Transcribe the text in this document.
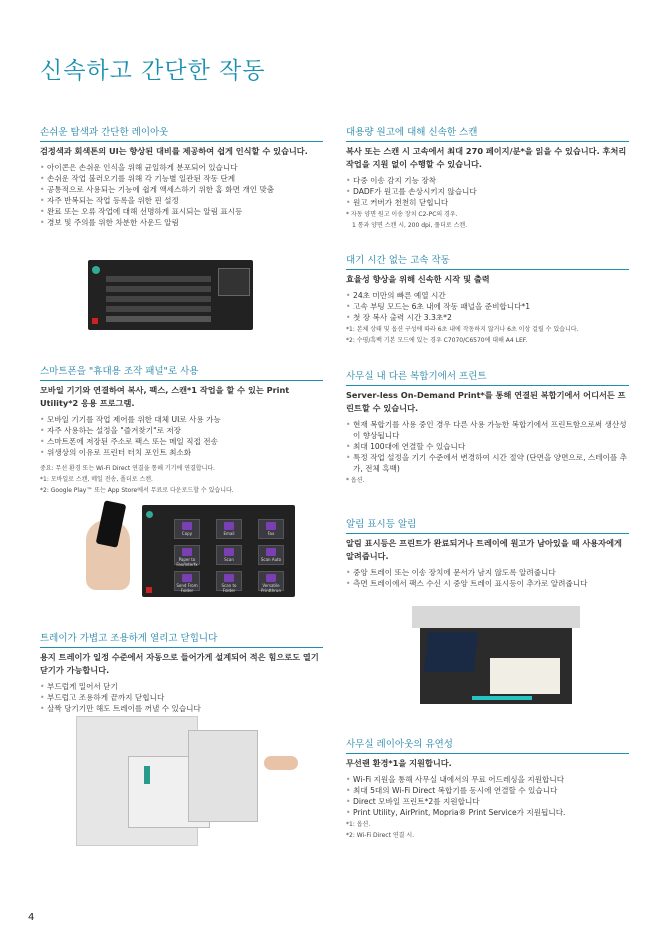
신속하고 간단한 작동
손쉬운 탐색과 간단한 레이아웃
검정색과 회색톤의 UI는 향상된 대비를 제공하여 쉽게 인식할 수 있습니다.
• 아이콘은 손쉬운 인식을 위해 균일하게 분포되어 있습니다
• 손쉬운 작업 불러오기를 위해 각 기능별 일관된 작동 단계
• 공통적으로 사용되는 기능에 쉽게 액세스하기 위한 홈 화면 개인 맞춤
• 자주 반복되는 작업 등록을 위한 핀 설정
• 완료 또는 오류 작업에 대해 선명하게 표시되는 알림 표시등
• 경보 및 주의를 위한 차분한 사운드 알림
스마트폰을 "휴대용 조작 패널"로 사용
모바일 기기와 연결하여 복사, 팩스, 스캔*1 작업을 할 수 있는 Print Utility*2 응용 프로그램.
• 모바일 기기를 작업 제어를 위한 대체 UI로 사용 가능
• 자주 사용하는 설정을 "즐겨찾기"로 저장
• 스마트폰에 저장된 주소로 팩스 또는 메일 직접 전송
• 위생상의 이유로 프린터 터치 포인트 최소화
중요: 무선 환경 또는 Wi-Fi Direct 연결을 통해 기기에 연결합니다.
*1: 모바일로 스캔, 메일 전송, 폴더로 스캔.
*2: Google Play™ 또는 App Store에서 무료로 다운로드할 수 있습니다.
Copy	Email	Fax
Paper to Fax/Interfx
Scan	Scan Auto
Send From Folder
Scan to Folder
Versatile Printthrun
트레이가 가볍고 조용하게 열리고 닫힙니다
용지 트레이가 일정 수준에서 자동으로 들어가게 설계되어 적은 힘으로도 열기 닫기가 가능합니다.
• 부드럽게 밀어서 닫기
• 부드럽고 조용하게 끝까지 닫힙니다
• 살짝 당기기만 해도 트레이를 꺼낼 수 있습니다
대용량 원고에 대해 신속한 스캔
복사 또는 스캔 시 고속에서 최대 270 페이지/분*을 읽을 수 있습니다. 후처리 작업을 지원 없이 수행할 수 있습니다.
• 다중 이송 감지 기능 장착
• DADF가 원고를 손상시키지 않습니다
• 원고 커버가 천천히 닫힙니다
* 자동 양면 원고 이송 장치 C2-PC의 경우.
1 통과 양면 스캔 시, 200 dpi, 풀더로 스캔.
대기 시간 없는 고속 작동
효율성 향상을 위해 신속한 시작 및 출력
• 24초 미만의 빠른 예열 시간
• 고속 부팅 모드는 6초 내에 작동 패널을 준비합니다*1
• 첫 장 복사 출력 시간 3.3초*2
*1: 본체 상태 및 옵션 구성에 따라 6초 내에 작동하지 않거나 6초 이상 걸릴 수 있습니다.
*2: 수평/흑백 기본 모드에 있는 경우 C7070/C6570에 대해 A4 LEF.
사무실 내 다른 복합기에서 프린트
Server-less On-Demand Print*를 통해 연결된 복합기에서 어디서든 프린트할 수 있습니다.
• 현재 복합기를 사용 중인 경우 다른 사용 가능한 복합기에서 프린트함으로써 생산성이 향상됩니다
• 최대 100대에 연결할 수 있습니다
• 특정 작업 설정을 기기 수준에서 변경하여 시간 절약 (단면을 양면으로, 스테이플 추가, 전체 흑백)
* 옵션.
알림 표시등 알림
알림 표시등은 프린트가 완료되거나 트레이에 원고가 남아있을 때 사용자에게 알려줍니다.
• 중앙 트레이 또는 이송 장치에 문서가 남지 않도록 알려줍니다
• 측면 트레이에서 팩스 수신 시 중앙 트레이 표시등이 추가로 알려줍니다
사무실 레이아웃의 유연성
무선랜 환경*1을 지원합니다.
• Wi-Fi 지원을 통해 사무실 내에서의 무료 어드레싱을 지원합니다
• 최대 5대의 Wi-Fi Direct 복합기를 동시에 연결할 수 있습니다
• Direct 모바일 프린트*2를 지원합니다
• Print Utility, AirPrint, Mopria® Print Service가 지원됩니다.
*1: 옵션.
*2: Wi-Fi Direct 연결 시.
4
